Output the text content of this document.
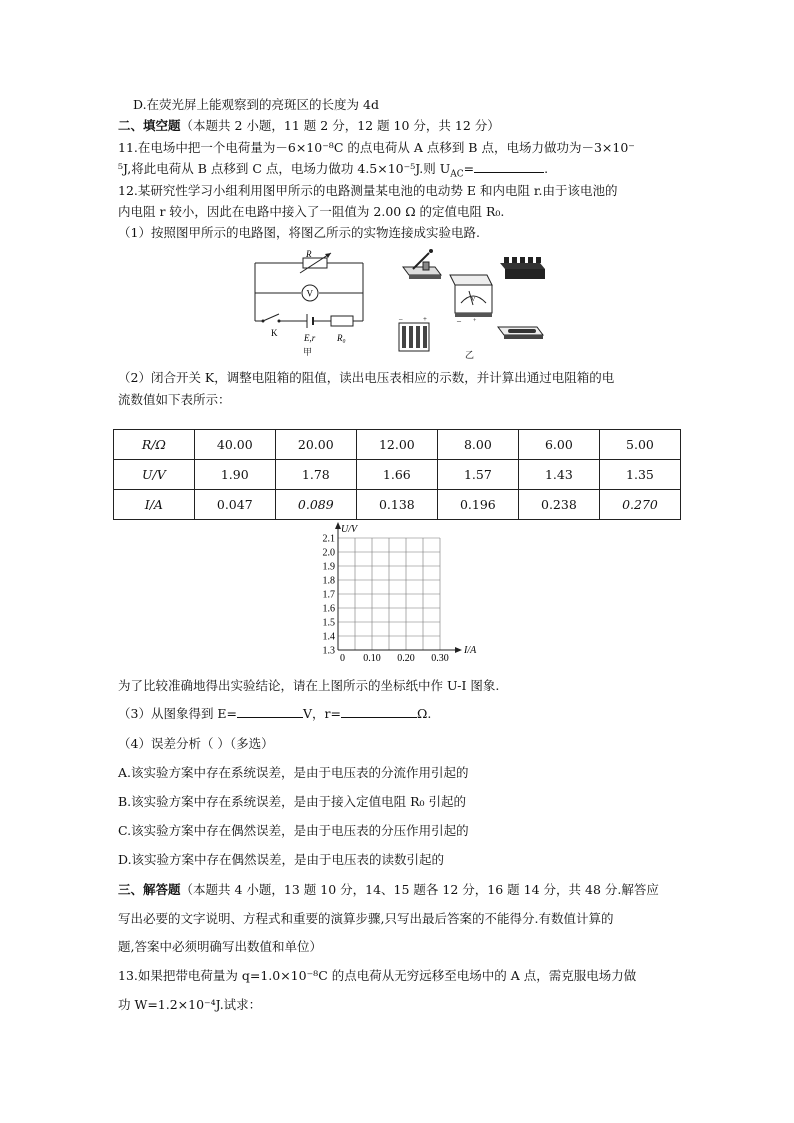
D.在荧光屏上能观察到的亮斑区的长度为 4d
二、填空题（本题共 2 小题，11 题 2 分，12 题 10 分，共 12 分）
11.在电场中把一个电荷量为－6×10⁻⁸C 的点电荷从 A 点移到 B 点，电场力做功为－3×10⁻
⁵J,将此电荷从 B 点移到 C 点，电场力做功 4.5×10⁻⁵J.则 $U_{AC}=$	.
12.某研究性学习小组利用图甲所示的电路测量某电池的电动势 E 和内电阻 r.由于该电池的
内电阻 r 较小，因此在电路中接入了一阻值为 2.00 Ω 的定值电阻 R₀.
（1）按照图甲所示的电路图，将图乙所示的实物连接成实验电路.
R
V
K	E,r R₀
甲
V
– +
–	+
乙
（2）闭合开关 K，调整电阻箱的阻值，读出电压表相应的示数，并计算出通过电阻箱的电
流数值如下表所示：
R/Ω	40.00	20.00	12.00	8.00	6.00	5.00
U/V	1.90	1.78	1.66	1.57	1.43	1.35
I/A	0.047	0.089	0.138	0.196	0.238	0.270
2.1
2.0
1.9
1.8
1.7
1.6
1.5
1.4
1.3
0 0.10 0.20 0.30
U/V
I/A
为了比较准确地得出实验结论，请在上图所示的坐标纸中作 U-I 图象.
（3）从图象得到 E=	V，r=	Ω.
（4）误差分析（ ）（多选）
A.该实验方案中存在系统误差，是由于电压表的分流作用引起的
B.该实验方案中存在系统误差，是由于接入定值电阻 R₀ 引起的
C.该实验方案中存在偶然误差，是由于电压表的分压作用引起的
D.该实验方案中存在偶然误差，是由于电压表的读数引起的
三、解答题（本题共 4 小题，13 题 10 分，14、15 题各 12 分，16 题 14 分，共 48 分.解答应
写出必要的文字说明、方程式和重要的演算步骤,只写出最后答案的不能得分.有数值计算的
题,答案中必须明确写出数值和单位）
13.如果把带电荷量为 q=1.0×10⁻⁸C 的点电荷从无穷远移至电场中的 A 点，需克服电场力做
功 W=1.2×10⁻⁴J.试求：
